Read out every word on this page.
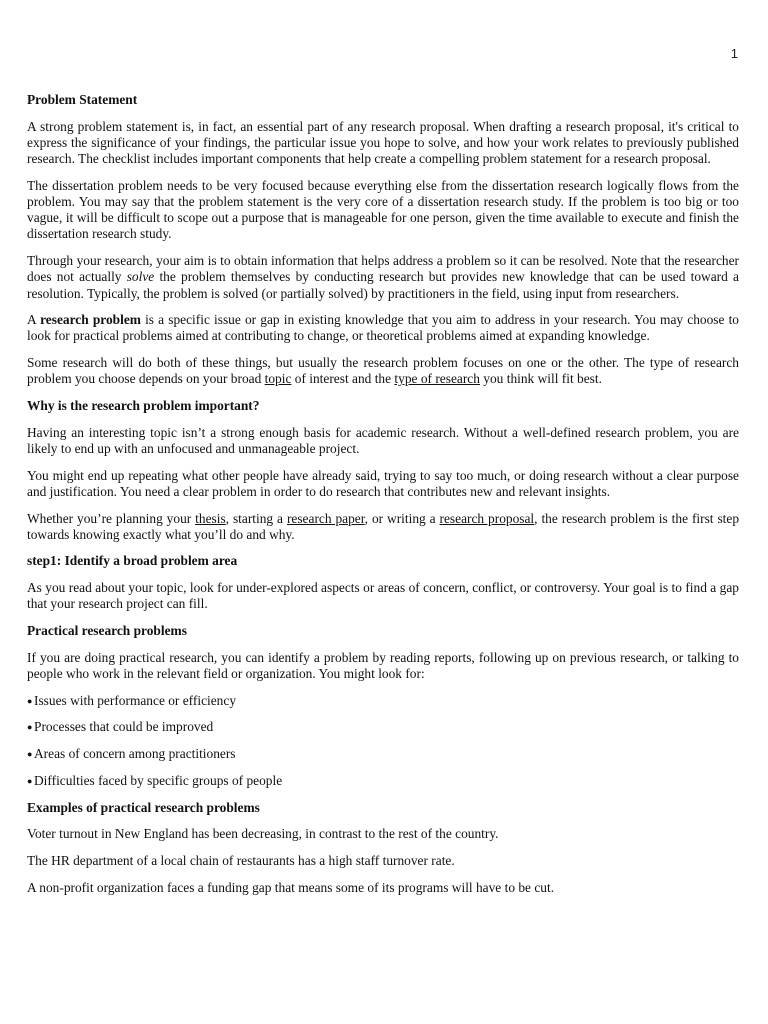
1

Problem Statement

A strong problem statement is, in fact, an essential part of any research proposal. When drafting a research proposal, it's critical to express the significance of your findings, the particular issue you hope to solve, and how your work relates to previously published research. The checklist includes important components that help create a compelling problem statement for a research proposal.

The dissertation problem needs to be very focused because everything else from the dissertation research logically flows from the problem. You may say that the problem statement is the very core of a dissertation research study. If the problem is too big or too vague, it will be difficult to scope out a purpose that is manageable for one person, given the time available to execute and finish the dissertation research study.

Through your research, your aim is to obtain information that helps address a problem so it can be resolved. Note that the researcher does not actually solve the problem themselves by conducting research but provides new knowledge that can be used toward a resolution. Typically, the problem is solved (or partially solved) by practitioners in the field, using input from researchers.

A research problem is a specific issue or gap in existing knowledge that you aim to address in your research. You may choose to look for practical problems aimed at contributing to change, or theoretical problems aimed at expanding knowledge.

Some research will do both of these things, but usually the research problem focuses on one or the other. The type of research problem you choose depends on your broad topic of interest and the type of research you think will fit best.

Why is the research problem important?

Having an interesting topic isn’t a strong enough basis for academic research. Without a well-defined research problem, you are likely to end up with an unfocused and unmanageable project.

You might end up repeating what other people have already said, trying to say too much, or doing research without a clear purpose and justification. You need a clear problem in order to do research that contributes new and relevant insights.

Whether you’re planning your thesis, starting a research paper, or writing a research proposal, the research problem is the first step towards knowing exactly what you’ll do and why.

step1: Identify a broad problem area

As you read about your topic, look for under-explored aspects or areas of concern, conflict, or controversy. Your goal is to find a gap that your research project can fill.

Practical research problems

If you are doing practical research, you can identify a problem by reading reports, following up on previous research, or talking to people who work in the relevant field or organization. You might look for:

● Issues with performance or efficiency
● Processes that could be improved
● Areas of concern among practitioners
● Difficulties faced by specific groups of people

Examples of practical research problems

Voter turnout in New England has been decreasing, in contrast to the rest of the country.

The HR department of a local chain of restaurants has a high staff turnover rate.

A non-profit organization faces a funding gap that means some of its programs will have to be cut.
